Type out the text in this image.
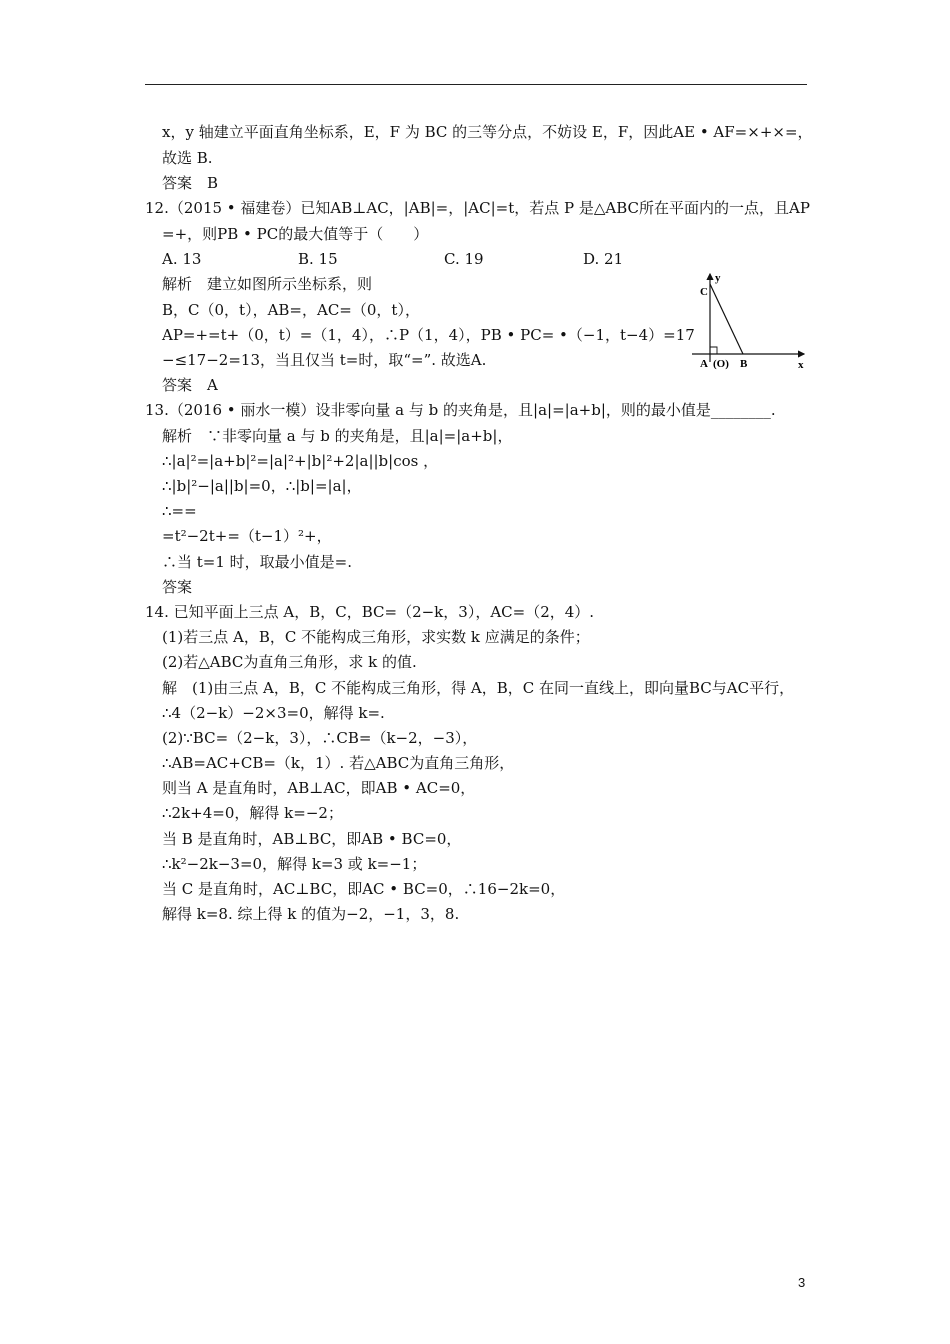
x，y 轴建立平面直角坐标系，E，F 为 BC 的三等分点，不妨设 E，F，因此AE • AF=×+×=，
故选 B.
答案　B
12.（2015 • 福建卷）已知AB⊥AC，|AB|=，|AC|=t，若点 P 是△ABC所在平面内的一点，且AP
=+，则PB • PC的最大值等于（　　）
A. 13	B. 15	C. 19	D. 21
解析　建立如图所示坐标系，则
B，C（0，t），AB=，AC=（0，t），
AP=+=t+（0，t）=（1，4），∴P（1，4），PB • PC= •（−1，t−4）=17
−≤17−2=13，当且仅当 t=时，取“=”. 故选A.
答案　A
13.（2016 • 丽水一模）设非零向量 a 与 b 的夹角是，且|a|=|a+b|，则的最小值是________.
解析　∵非零向量 a 与 b 的夹角是，且|a|=|a+b|，
∴|a|²=|a+b|²=|a|²+|b|²+2|a||b|cos ，
∴|b|²−|a||b|=0，∴|b|=|a|，
∴==
=t²−2t+=（t−1）²+，
∴当 t=1 时，取最小值是=.
答案
14. 已知平面上三点 A，B，C，BC=（2−k，3），AC=（2，4）.
(1)若三点 A，B，C 不能构成三角形，求实数 k 应满足的条件；
(2)若△ABC为直角三角形，求 k 的值.
解　(1)由三点 A，B，C 不能构成三角形，得 A，B，C 在同一直线上，即向量BC与AC平行，
∴4（2−k）−2×3=0，解得 k=.
(2)∵BC=（2−k，3），∴CB=（k−2，−3），
∴AB=AC+CB=（k，1）. 若△ABC为直角三角形，
则当 A 是直角时，AB⊥AC，即AB • AC=0，
∴2k+4=0，解得 k=−2；
当 B 是直角时，AB⊥BC，即AB • BC=0，
∴k²−2k−3=0，解得 k=3 或 k=−1；
当 C 是直角时，AC⊥BC，即AC • BC=0，∴16−2k=0，
解得 k=8. 综上得 k 的值为−2，−1，3，8.
y
C
A (O) B	x
3
